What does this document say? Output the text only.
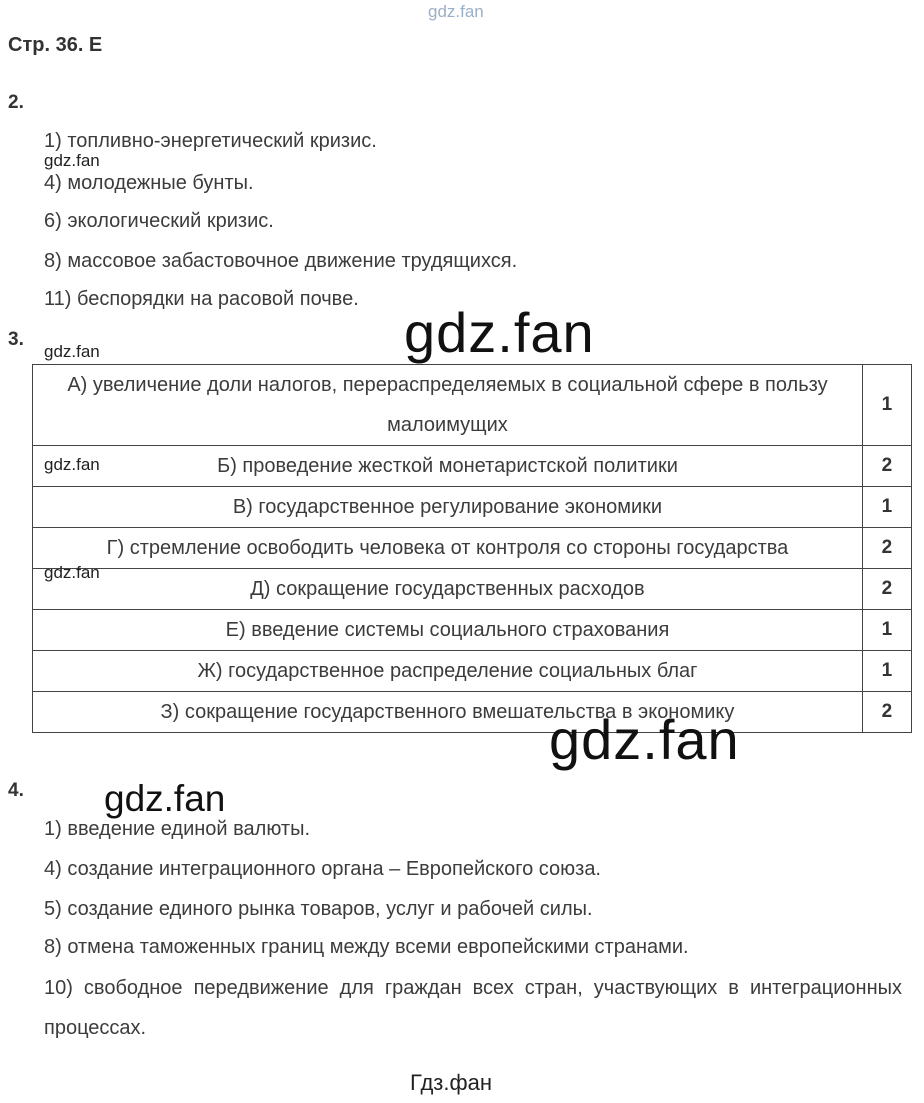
gdz.fan
Стр. 36. Е
2.
1) топливно-энергетический кризис.
4) молодежные бунты.
6) экологический кризис.
8) массовое забастовочное движение трудящихся.
11) беспорядки на расовой почве.
3.
А) увеличение доли налогов, перераспределяемых в социальной сфере в пользу малоимущих	1
Б) проведение жесткой монетаристской политики	2
В) государственное регулирование экономики	1
Г) стремление освободить человека от контроля со стороны государства	2
Д) сокращение государственных расходов	2
Е) введение системы социального страхования	1
Ж) государственное распределение социальных благ	1
З) сокращение государственного вмешательства в экономику	2
4.
1) введение единой валюты.
4) создание интеграционного органа – Европейского союза.
5) создание единого рынка товаров, услуг и рабочей силы.
8) отмена таможенных границ между всеми европейскими странами.
10) свободное передвижение для граждан всех стран, участвующих в интеграционных процессах.
gdz.fan
gdz.fan
gdz.fan
gdz.fan
gdz.fan
gdz.fan
gdz.fan
Гдз.фан
